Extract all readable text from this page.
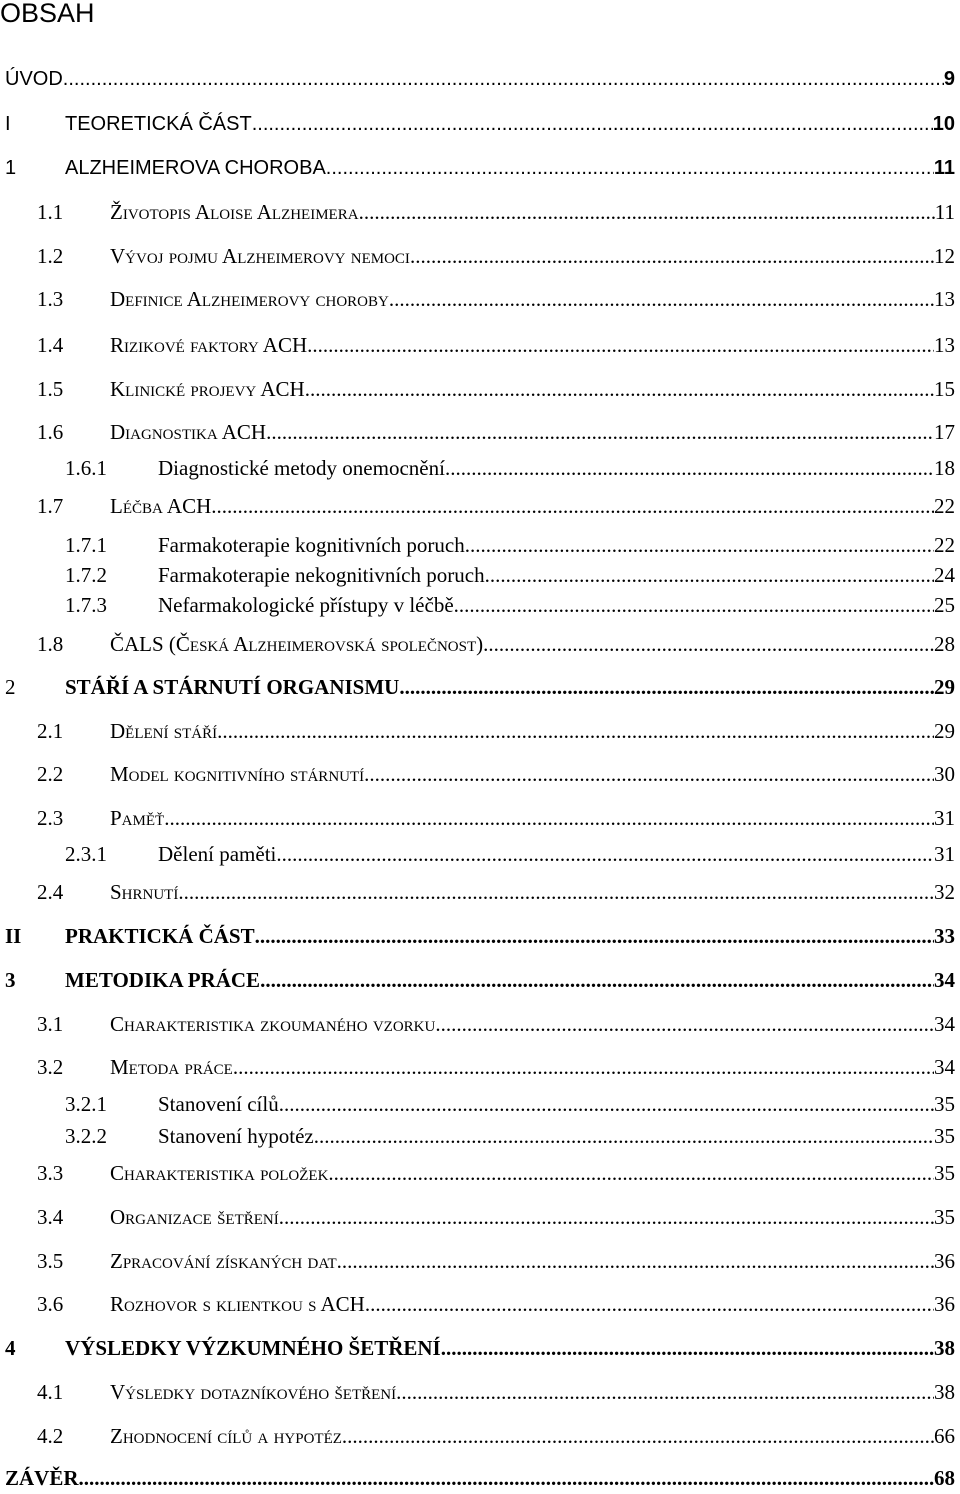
OBSAH
ÚVOD .....	9
I	TEORETICKÁ ČÁST .....	10
1	ALZHEIMEROVA CHOROBA .....	11
1.1	Životopis Aloise Alzheimera .....	11
1.2	Vývoj pojmu Alzheimerovy nemoci .....	12
1.3	Definice Alzheimerovy choroby .....	13
1.4	Rizikové faktory ACH .....	13
1.5	Klinické projevy ACH .....	15
1.6	Diagnostika ACH .....	17
1.6.1	Diagnostické metody onemocnění .....	18
1.7	Léčba ACH .....	22
1.7.1	Farmakoterapie kognitivních poruch .....	22
1.7.2	Farmakoterapie nekognitivních poruch .....	24
1.7.3	Nefarmakologické přístupy v léčbě .....	25
1.8	ČALS (Česká Alzheimerovská společnost) .....	28
2	STÁŘÍ A STÁRNUTÍ ORGANISMU .....	29
2.1	Dělení stáří .....	29
2.2	Model kognitivního stárnutí .....	30
2.3	Paměť .....	31
2.3.1	Dělení paměti .....	31
2.4	Shrnutí .....	32
II	PRAKTICKÁ ČÁST .....	33
3	METODIKA PRÁCE .....	34
3.1	Charakteristika zkoumaného vzorku .....	34
3.2	Metoda práce .....	34
3.2.1	Stanovení cílů .....	35
3.2.2	Stanovení hypotéz .....	35
3.3	Charakteristika položek .....	35
3.4	Organizace šetření .....	35
3.5	Zpracování získaných dat .....	36
3.6	Rozhovor s klientkou s ACH .....	36
4	VÝSLEDKY VÝZKUMNÉHO ŠETŘENÍ .....	38
4.1	Výsledky dotazníkového šetření .....	38
4.2	Zhodnocení cílů a hypotéz .....	66
ZÁVĚR .....	68
